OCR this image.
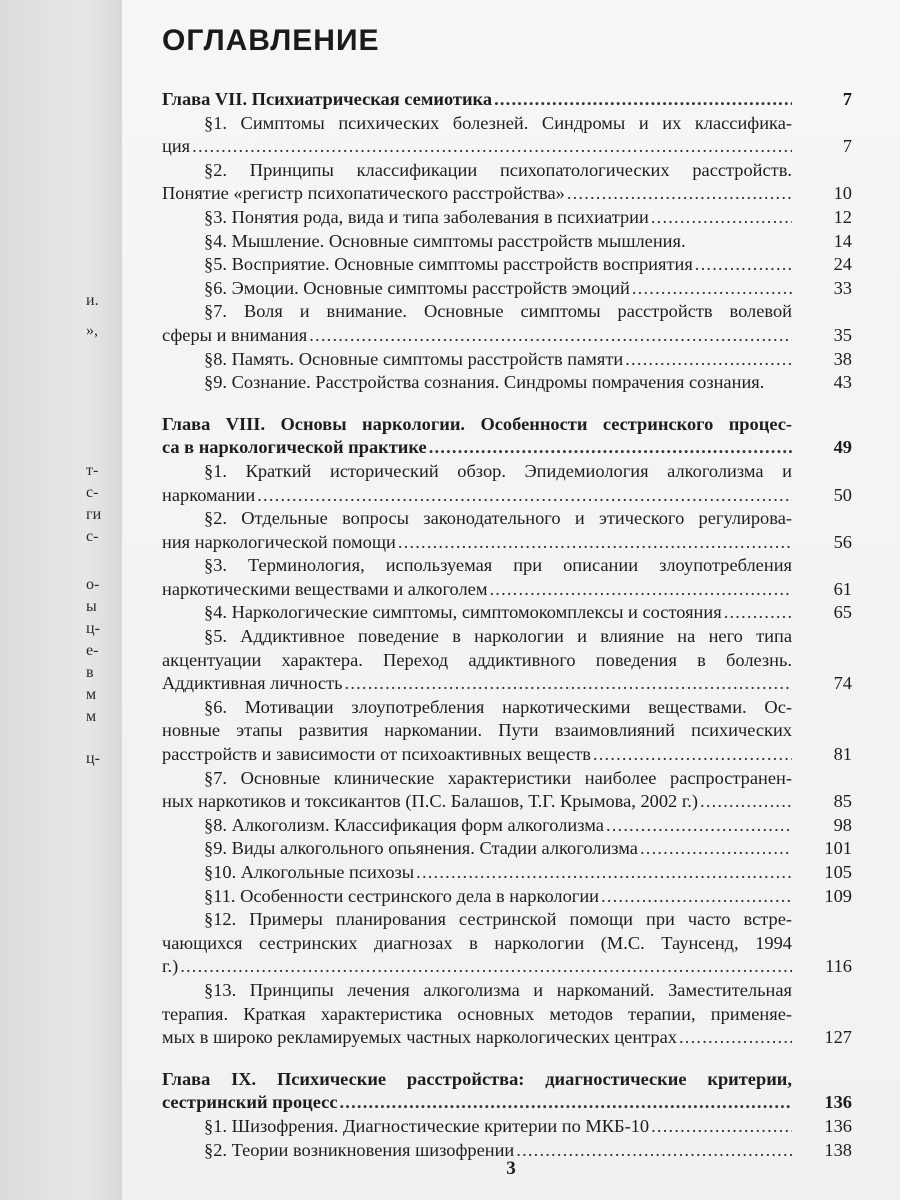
и.
»,
т-
с-
ги
с-
о-
ы
ц-
е-
в
м
м
ц-
ОГЛАВЛЕНИЕ
Глава VII. Психиатрическая семиотика .....	7
§1. Симптомы психических болезней. Синдромы и их классифика-
ция .....	7
§2. Принципы классификации психопатологических расстройств.
Понятие «регистр психопатического расстройства» .....	10
§3. Понятия рода, вида и типа заболевания в психиатрии .....	12
§4. Мышление. Основные симптомы расстройств мышления.	14
§5. Восприятие. Основные симптомы расстройств восприятия .....	24
§6. Эмоции. Основные симптомы расстройств эмоций .....	33
§7. Воля и внимание. Основные симптомы расстройств волевой
сферы и внимания .....	35
§8. Память. Основные симптомы расстройств памяти .....	38
§9. Сознание. Расстройства сознания. Синдромы помрачения сознания.	43
Глава VIII. Основы наркологии. Особенности сестринского процес-
са в наркологической практике .....	49
§1. Краткий исторический обзор. Эпидемиология алкоголизма и
наркомании .....	50
§2. Отдельные вопросы законодательного и этического регулирова-
ния наркологической помощи .....	56
§3. Терминология, используемая при описании злоупотребления
наркотическими веществами и алкоголем .....	61
§4. Наркологические симптомы, симптомокомплексы и состояния .....	65
§5. Аддиктивное поведение в наркологии и влияние на него типа
акцентуации характера. Переход аддиктивного поведения в болезнь.
Аддиктивная личность .....	74
§6. Мотивации злоупотребления наркотическими веществами. Ос-
новные этапы развития наркомании. Пути взаимовлияний психических
расстройств и зависимости от психоактивных веществ .....	81
§7. Основные клинические характеристики наиболее распространен-
ных наркотиков и токсикантов (П.С. Балашов, Т.Г. Крымова, 2002 г.) .....	85
§8. Алкоголизм. Классификация форм алкоголизма .....	98
§9. Виды алкогольного опьянения. Стадии алкоголизма .....	101
§10. Алкогольные психозы .....	105
§11. Особенности сестринского дела в наркологии .....	109
§12. Примеры планирования сестринской помощи при часто встре-
чающихся сестринских диагнозах в наркологии (М.С. Таунсенд, 1994
г.) .....	116
§13. Принципы лечения алкоголизма и наркоманий. Заместительная
терапия. Краткая характеристика основных методов терапии, применяе-
мых в широко рекламируемых частных наркологических центрах .....	127
Глава IX. Психические расстройства: диагностические критерии,
сестринский процесс .....	136
§1. Шизофрения. Диагностические критерии по МКБ-10 .....	136
§2. Теории возникновения шизофрении .....	138
3
